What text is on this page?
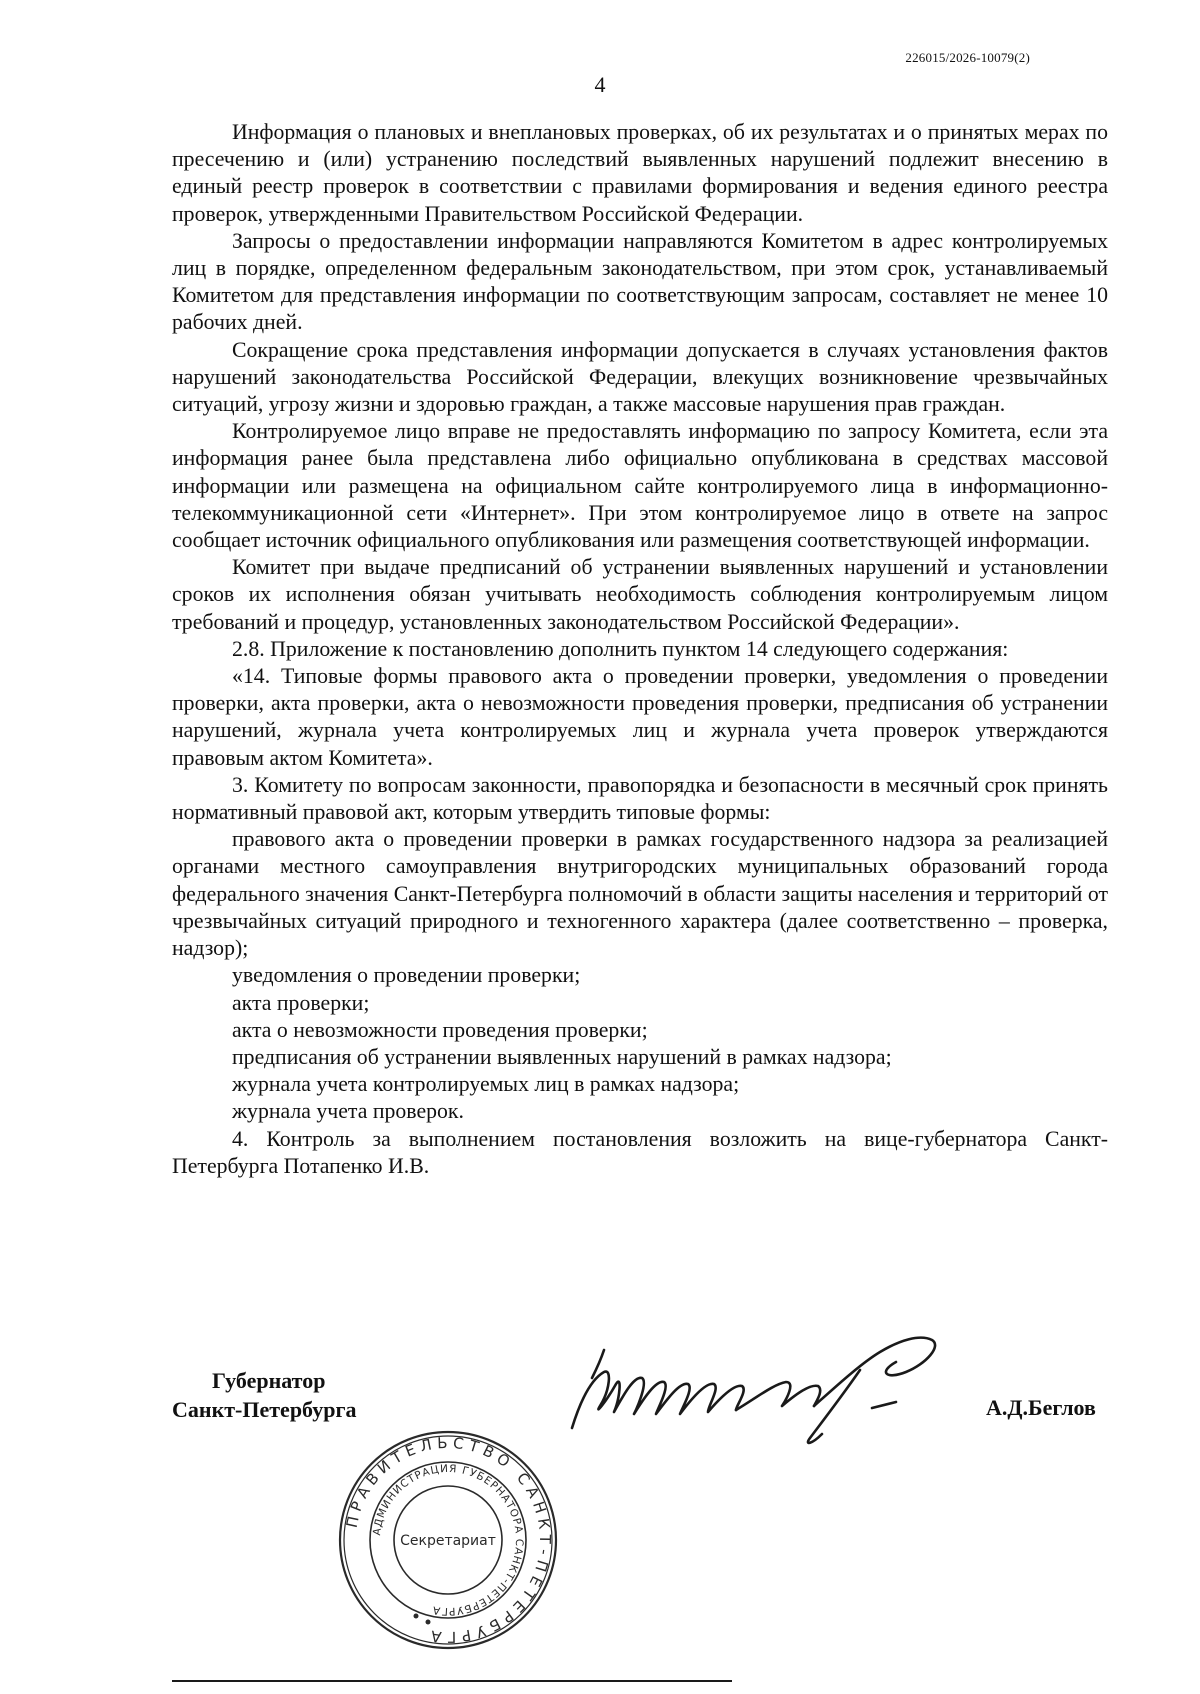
226015/2026-10079(2)
4

Информация о плановых и внеплановых проверках, об их результатах и о принятых мерах по пресечению и (или) устранению последствий выявленных нарушений подлежит внесению в единый реестр проверок в соответствии с правилами формирования и ведения единого реестра проверок, утвержденными Правительством Российской Федерации.

Запросы о предоставлении информации направляются Комитетом в адрес контролируемых лиц в порядке, определенном федеральным законодательством, при этом срок, устанавливаемый Комитетом для представления информации по соответствующим запросам, составляет не менее 10 рабочих дней.

Сокращение срока представления информации допускается в случаях установления фактов нарушений законодательства Российской Федерации, влекущих возникновение чрезвычайных ситуаций, угрозу жизни и здоровью граждан, а также массовые нарушения прав граждан.

Контролируемое лицо вправе не предоставлять информацию по запросу Комитета, если эта информация ранее была представлена либо официально опубликована в средствах массовой информации или размещена на официальном сайте контролируемого лица в информационно-телекоммуникационной сети «Интернет». При этом контролируемое лицо в ответе на запрос сообщает источник официального опубликования или размещения соответствующей информации.

Комитет при выдаче предписаний об устранении выявленных нарушений и установлении сроков их исполнения обязан учитывать необходимость соблюдения контролируемым лицом требований и процедур, установленных законодательством Российской Федерации».

2.8. Приложение к постановлению дополнить пунктом 14 следующего содержания:

«14. Типовые формы правового акта о проведении проверки, уведомления о проведении проверки, акта проверки, акта о невозможности проведения проверки, предписания об устранении нарушений, журнала учета контролируемых лиц и журнала учета проверок утверждаются правовым актом Комитета».

3. Комитету по вопросам законности, правопорядка и безопасности в месячный срок принять нормативный правовой акт, которым утвердить типовые формы:

правового акта о проведении проверки в рамках государственного надзора за реализацией органами местного самоуправления внутригородских муниципальных образований города федерального значения Санкт-Петербурга полномочий в области защиты населения и территорий от чрезвычайных ситуаций природного и техногенного характера (далее соответственно – проверка, надзор);

уведомления о проведении проверки;

акта проверки;

акта о невозможности проведения проверки;

предписания об устранении выявленных нарушений в рамках надзора;

журнала учета контролируемых лиц в рамках надзора;

журнала учета проверок.

4. Контроль за выполнением постановления возложить на вице-губернатора Санкт-Петербурга Потапенко И.В.

Губернатор
Санкт-Петербурга	А.Д.Беглов
ПРАВИТЕЛЬСТВО САНКТ-ПЕТЕРБУРГА
АДМИНИСТРАЦИЯ ГУБЕРНАТОРА САНКТ-ПЕТЕРБУРГА
Секретариат
